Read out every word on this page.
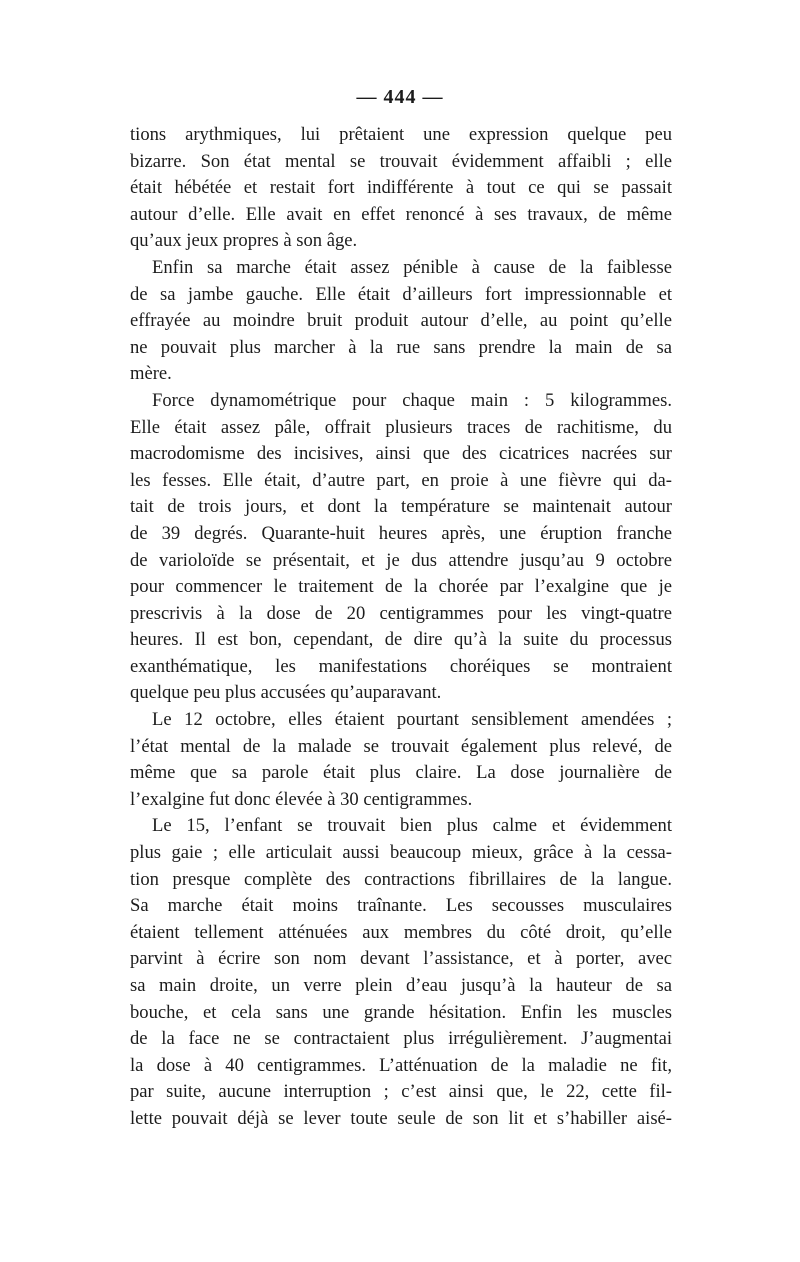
— 444 —
tions arythmiques, lui prêtaient une expression quelque peu
bizarre. Son état mental se trouvait évidemment affaibli ; elle
était hébétée et restait fort indifférente à tout ce qui se passait
autour d’elle. Elle avait en effet renoncé à ses travaux, de même
qu’aux jeux propres à son âge.
Enfin sa marche était assez pénible à cause de la faiblesse
de sa jambe gauche. Elle était d’ailleurs fort impressionnable et
effrayée au moindre bruit produit autour d’elle, au point qu’elle
ne pouvait plus marcher à la rue sans prendre la main de sa
mère.
Force dynamométrique pour chaque main : 5 kilogrammes.
Elle était assez pâle, offrait plusieurs traces de rachitisme, du
macrodomisme des incisives, ainsi que des cicatrices nacrées sur
les fesses. Elle était, d’autre part, en proie à une fièvre qui da-
tait de trois jours, et dont la température se maintenait autour
de 39 degrés. Quarante-huit heures après, une éruption franche
de varioloïde se présentait, et je dus attendre jusqu’au 9 octobre
pour commencer le traitement de la chorée par l’exalgine que je
prescrivis à la dose de 20 centigrammes pour les vingt-quatre
heures. Il est bon, cependant, de dire qu’à la suite du processus
exanthématique, les manifestations choréiques se montraient
quelque peu plus accusées qu’auparavant.
Le 12 octobre, elles étaient pourtant sensiblement amendées ;
l’état mental de la malade se trouvait également plus relevé, de
même que sa parole était plus claire. La dose journalière de
l’exalgine fut donc élevée à 30 centigrammes.
Le 15, l’enfant se trouvait bien plus calme et évidemment
plus gaie ; elle articulait aussi beaucoup mieux, grâce à la cessa-
tion presque complète des contractions fibrillaires de la langue.
Sa marche était moins traînante. Les secousses musculaires
étaient tellement atténuées aux membres du côté droit, qu’elle
parvint à écrire son nom devant l’assistance, et à porter, avec
sa main droite, un verre plein d’eau jusqu’à la hauteur de sa
bouche, et cela sans une grande hésitation. Enfin les muscles
de la face ne se contractaient plus irrégulièrement. J’augmentai
la dose à 40 centigrammes. L’atténuation de la maladie ne fit,
par suite, aucune interruption ; c’est ainsi que, le 22, cette fil-
lette pouvait déjà se lever toute seule de son lit et s’habiller aisé-
